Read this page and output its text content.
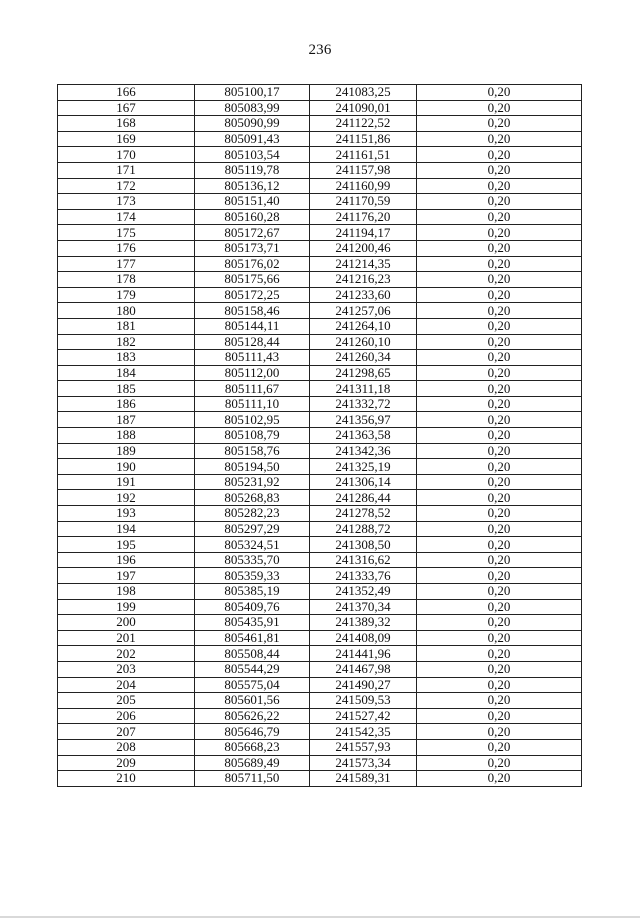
236
166	805100,17	241083,25	0,20
167	805083,99	241090,01	0,20
168	805090,99	241122,52	0,20
169	805091,43	241151,86	0,20
170	805103,54	241161,51	0,20
171	805119,78	241157,98	0,20
172	805136,12	241160,99	0,20
173	805151,40	241170,59	0,20
174	805160,28	241176,20	0,20
175	805172,67	241194,17	0,20
176	805173,71	241200,46	0,20
177	805176,02	241214,35	0,20
178	805175,66	241216,23	0,20
179	805172,25	241233,60	0,20
180	805158,46	241257,06	0,20
181	805144,11	241264,10	0,20
182	805128,44	241260,10	0,20
183	805111,43	241260,34	0,20
184	805112,00	241298,65	0,20
185	805111,67	241311,18	0,20
186	805111,10	241332,72	0,20
187	805102,95	241356,97	0,20
188	805108,79	241363,58	0,20
189	805158,76	241342,36	0,20
190	805194,50	241325,19	0,20
191	805231,92	241306,14	0,20
192	805268,83	241286,44	0,20
193	805282,23	241278,52	0,20
194	805297,29	241288,72	0,20
195	805324,51	241308,50	0,20
196	805335,70	241316,62	0,20
197	805359,33	241333,76	0,20
198	805385,19	241352,49	0,20
199	805409,76	241370,34	0,20
200	805435,91	241389,32	0,20
201	805461,81	241408,09	0,20
202	805508,44	241441,96	0,20
203	805544,29	241467,98	0,20
204	805575,04	241490,27	0,20
205	805601,56	241509,53	0,20
206	805626,22	241527,42	0,20
207	805646,79	241542,35	0,20
208	805668,23	241557,93	0,20
209	805689,49	241573,34	0,20
210	805711,50	241589,31	0,20
